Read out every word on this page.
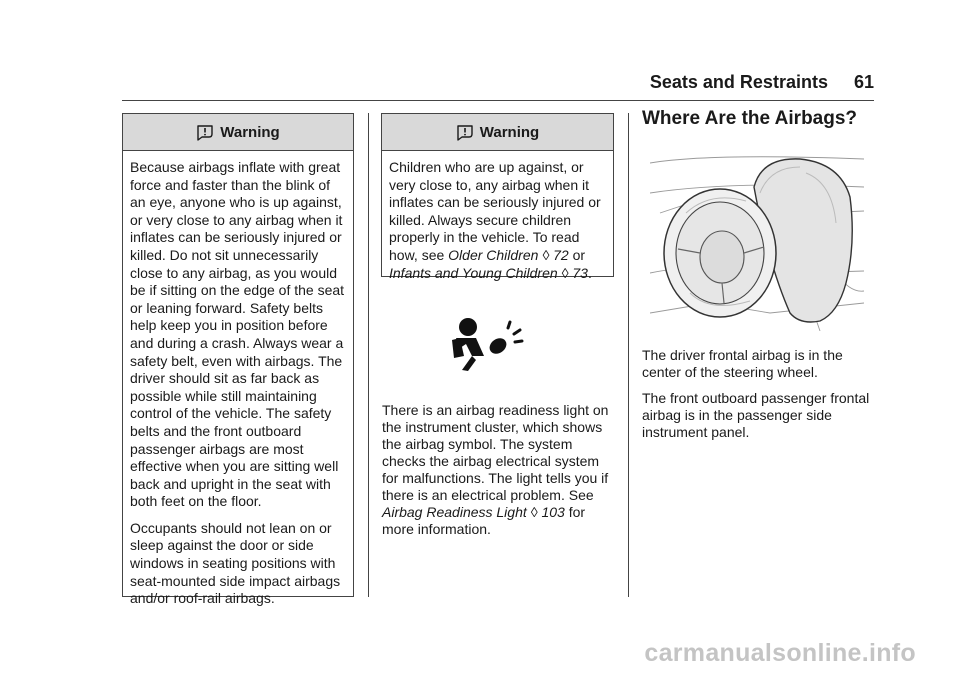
Seats and Restraints 61
Warning

Because airbags inflate with great force and faster than the blink of an eye, anyone who is up against, or very close to any airbag when it inflates can be seriously injured or killed. Do not sit unnecessarily close to any airbag, as you would be if sitting on the edge of the seat or leaning forward. Safety belts help keep you in position before and during a crash. Always wear a safety belt, even with airbags. The driver should sit as far back as possible while still maintaining control of the vehicle. The safety belts and the front outboard passenger airbags are most effective when you are sitting well back and upright in the seat with both feet on the floor.

Occupants should not lean on or sleep against the door or side windows in seating positions with seat-mounted side impact airbags and/or roof-rail airbags.

Warning

Children who are up against, or very close to, any airbag when it inflates can be seriously injured or killed. Always secure children properly in the vehicle. To read how, see Older Children ◊ 72 or Infants and Young Children ◊ 73.

There is an airbag readiness light on the instrument cluster, which shows the airbag symbol. The system checks the airbag electrical system for malfunctions. The light tells you if there is an electrical problem. See Airbag Readiness Light ◊ 103 for more information.

Where Are the Airbags?

The driver frontal airbag is in the center of the steering wheel.

The front outboard passenger frontal airbag is in the passenger side instrument panel.

carmanualsonline.info
